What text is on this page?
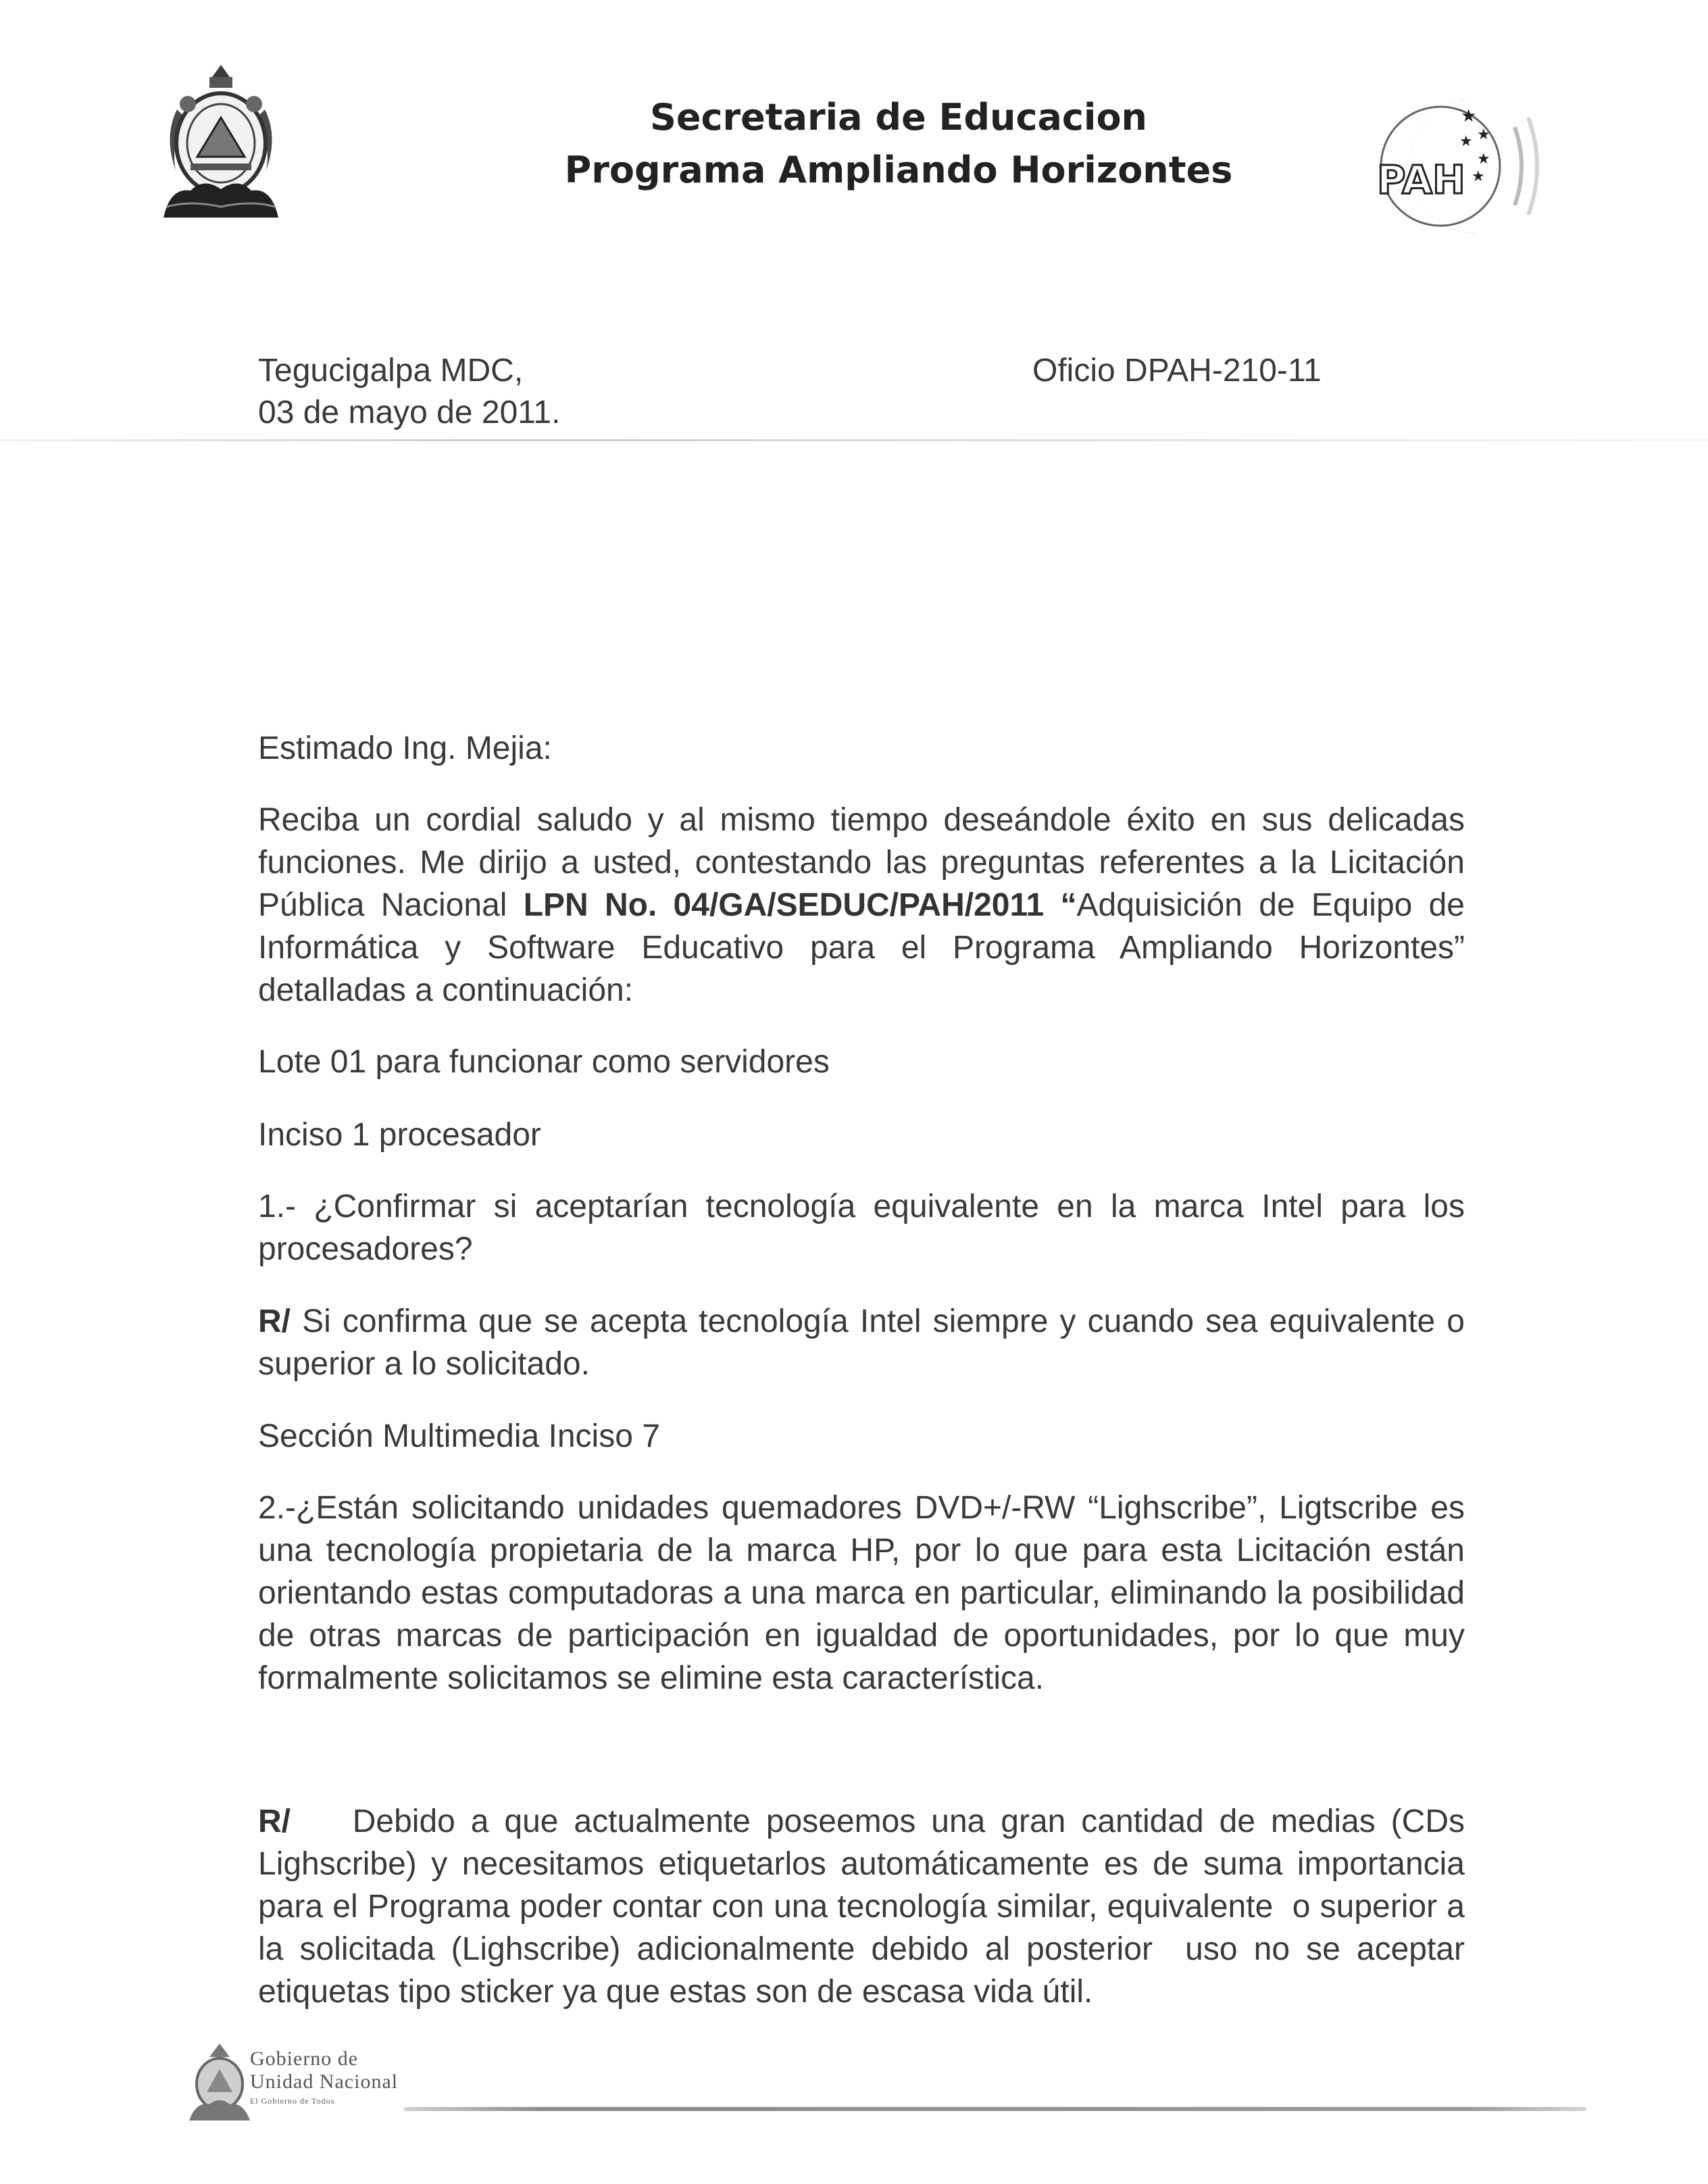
Secretaria de Educacion
Programa Ampliando Horizontes
★
★
★
★
★
PAH
Tegucigalpa MDC,
03 de mayo de 2011.
Oficio DPAH-210-11
Estimado Ing. Mejia:

Reciba un cordial saludo y al mismo tiempo deseándole éxito en sus delicadas funciones. Me dirijo a usted, contestando las preguntas referentes a la Licitación Pública Nacional LPN No. 04/GA/SEDUC/PAH/2011 “Adquisición de Equipo de Informática y Software Educativo para el Programa Ampliando Horizontes” detalladas a continuación:

Lote 01 para funcionar como servidores
Inciso 1 procesador

1.- ¿Confirmar si aceptarían tecnología equivalente en la marca Intel para los procesadores?

R/ Si confirma que se acepta tecnología Intel siempre y cuando sea equivalente o superior a lo solicitado.

Sección Multimedia Inciso 7

2.-¿Están solicitando unidades quemadores DVD+/-RW “Lighscribe”, Ligtscribe es una tecnología propietaria de la marca HP, por lo que para esta Licitación están orientando estas computadoras a una marca en particular, eliminando la posibilidad de otras marcas de participación en igualdad de oportunidades, por lo que muy formalmente solicitamos se elimine esta característica.

R/    Debido a que actualmente poseemos una gran cantidad de medias (CDs Lighscribe) y necesitamos etiquetarlos automáticamente es de suma importancia para el Programa poder contar con una tecnología similar, equivalente  o superior a la solicitada (Lighscribe) adicionalmente debido al posterior  uso no se aceptar etiquetas tipo sticker ya que estas son de escasa vida útil.

Gobierno de
Unidad Nacional
El Gobierno de Todos
